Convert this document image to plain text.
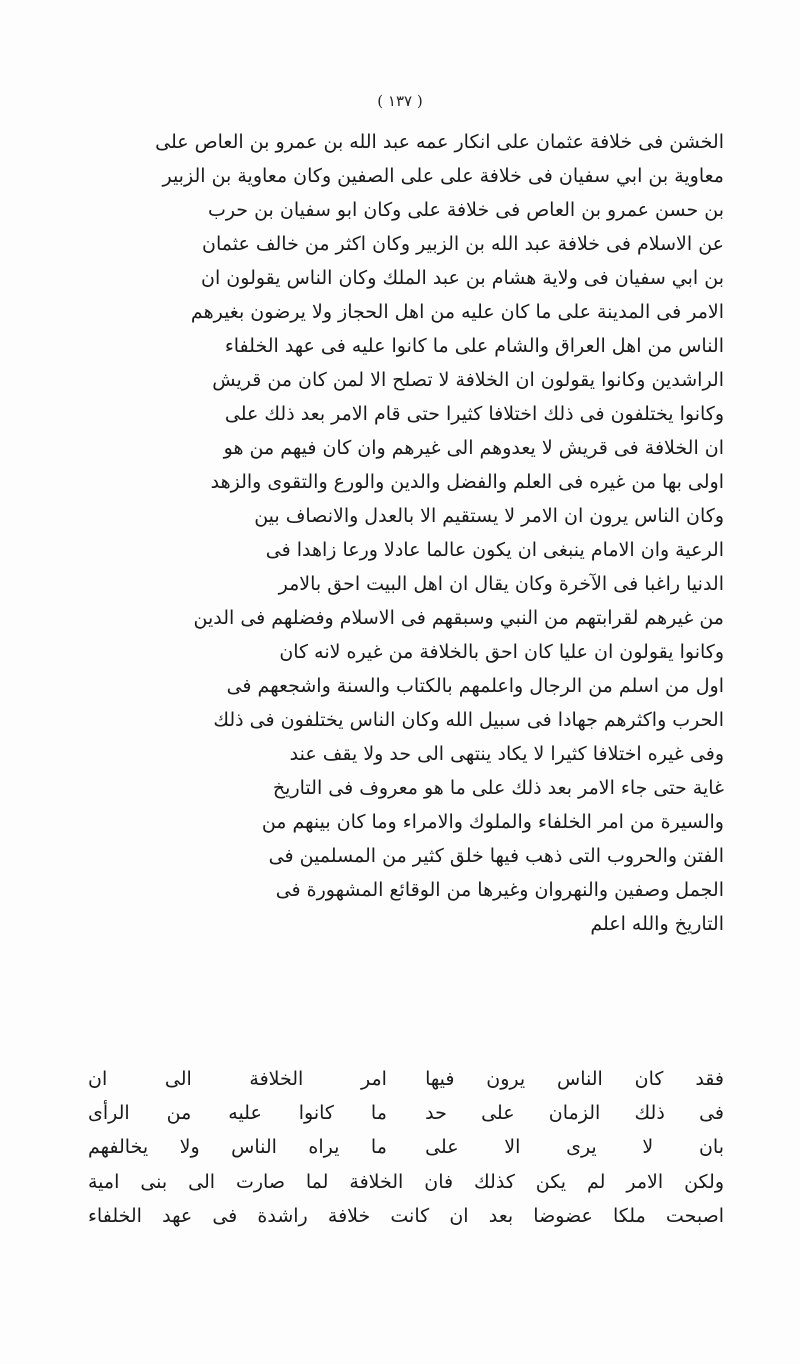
( ١٣٧ )
الخشن فى خلافة عثمان على انكار عمه عبد الله بن عمرو بن العاص على
معاوية بن ابي سفيان فى خلافة على على الصفين وكان معاوية بن الزبير
بن حسن عمرو بن العاص فى خلافة على وكان ابو سفيان بن حرب
عن الاسلام فى خلافة عبد الله بن الزبير وكان اكثر من خالف عثمان
بن ابي سفيان فى ولاية هشام بن عبد الملك وكان الناس يقولون ان
الامر فى المدينة على ما كان عليه من اهل الحجاز ولا يرضون بغيرهم
الناس من اهل العراق والشام على ما كانوا عليه فى عهد الخلفاء
الراشدين وكانوا يقولون ان الخلافة لا تصلح الا لمن كان من قريش
وكانوا يختلفون فى ذلك اختلافا كثيرا حتى قام الامر بعد ذلك على
ان الخلافة فى قريش لا يعدوهم الى غيرهم وان كان فيهم من هو
اولى بها من غيره فى العلم والفضل والدين والورع والتقوى والزهد
وكان الناس يرون ان الامر لا يستقيم الا بالعدل والانصاف بين
الرعية وان الامام ينبغى ان يكون عالما عادلا ورعا زاهدا فى
الدنيا راغبا فى الآخرة وكان يقال ان اهل البيت احق بالامر
من غيرهم لقرابتهم من النبي وسبقهم فى الاسلام وفضلهم فى الدين
وكانوا يقولون ان عليا كان احق بالخلافة من غيره لانه كان
اول من اسلم من الرجال واعلمهم بالكتاب والسنة واشجعهم فى
الحرب واكثرهم جهادا فى سبيل الله وكان الناس يختلفون فى ذلك
وفى غيره اختلافا كثيرا لا يكاد ينتهى الى حد ولا يقف عند
غاية حتى جاء الامر بعد ذلك على ما هو معروف فى التاريخ
والسيرة من امر الخلفاء والملوك والامراء وما كان بينهم من
الفتن والحروب التى ذهب فيها خلق كثير من المسلمين فى
الجمل وصفين والنهروان وغيرها من الوقائع المشهورة فى
التاريخ والله اعلم
فقد كان الناس يرون فيها
امر الخلافة الى ان
فى ذلك الزمان على حد
ما كانوا عليه من الرأى
بان لا يرى الا على
ما يراه الناس ولا يخالفهم
ولكن الامر لم يكن كذلك فان الخلافة لما صارت الى بنى امية
اصبحت ملكا عضوضا بعد ان كانت خلافة راشدة فى عهد الخلفاء
